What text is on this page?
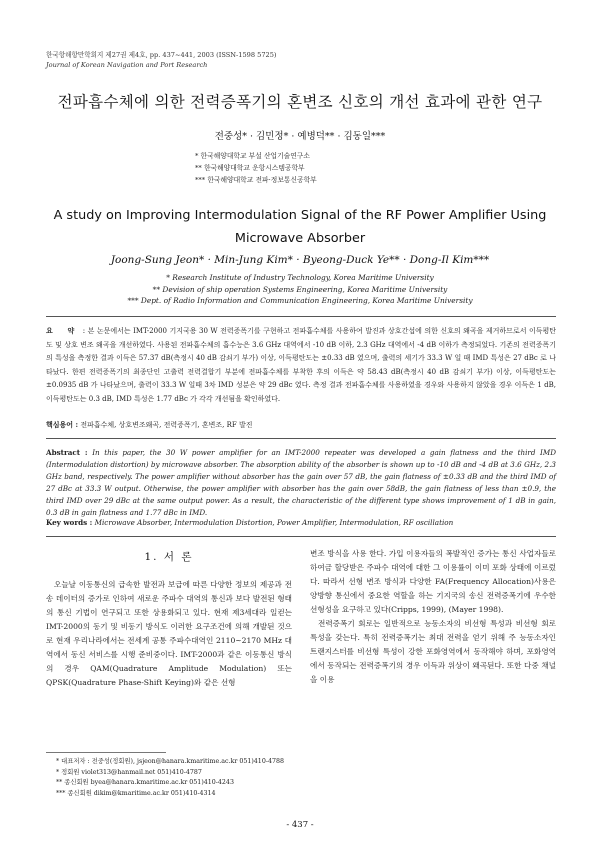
한국항해항만학회지 제27권 제4호, pp. 437~441, 2003 (ISSN-1598 5725)
Journal of Korean Navigation and Port Research
전파흡수체에 의한 전력증폭기의 혼변조 신호의 개선 효과에 관한 연구
전중성* · 김민정* · 예병덕** · 김동일***
* 한국해양대학교 부설 산업기술연구소
** 한국해양대학교 운항시스템공학부
*** 한국해양대학교 전파·정보통신공학부
A study on Improving Intermodulation Signal of the RF Power Amplifier Using Microwave Absorber
Joong-Sung Jeon* · Min-Jung Kim* · Byeong-Duck Ye** · Dong-Il Kim***
* Research Institute of Industry Technology, Korea Maritime University
** Devision of ship operation Systems Engineering, Korea Maritime University
*** Dept. of Radio Information and Communication Engineering, Korea Maritime University
요 약 : 본 논문에서는 IMT-2000 기지국용 30 W 전력증폭기를 구현하고 전파흡수체를 사용하여 발진과 상호간섭에 의한 신호의 왜곡을 제거하므로서 이득평탄도 및 상호 변조 왜곡을 개선하였다. 사용된 전파흡수체의 흡수능은 3.6 GHz 대역에서 -10 dB 이하, 2.3 GHz 대역에서 -4 dB 이하가 측정되었다. 기존의 전력증폭기의 특성을 측정한 결과 이득은 57.37 dB(측정시 40 dB 감쇠기 부가) 이상, 이득평탄도는 ±0.33 dB 였으며, 출력의 세기가 33.3 W 일 때 IMD 특성은 27 dBc 로 나타났다. 한편 전력증폭기의 최종단인 고출력 전력결합기 부분에 전파흡수체를 부착한 후의 이득은 약 58.43 dB(측정시 40 dB 감쇠기 부가) 이상, 이득평탄도는 ±0.0935 dB 가 나타났으며, 출력이 33.3 W 일때 3차 IMD 성분은 약 29 dBc 였다. 측정 결과 전파흡수체를 사용하였을 경우와 사용하지 않았을 경우 이득은 1 dB, 이득평탄도는 0.3 dB, IMD 특성은 1.77 dBc 가 각각 개선됨을 확인하였다.
핵심용어 : 전파흡수체, 상호변조왜곡, 전력증폭기, 혼변조, RF 발진
Abstract : In this paper, the 30 W power amplifier for an IMT-2000 repeater was developed a gain flatness and the third IMD (Intermodulation distortion) by microwave absorber. The absorption ability of the absorber is shown up to -10 dB and -4 dB at 3.6 GHz, 2.3 GHz band, respectively. The power amplifier without absorber has the gain over 57 dB, the gain flatness of ±0.33 dB and the third IMD of 27 dBc at 33.3 W output. Otherwise, the power amplifier with absorber has the gain over 58dB, the gain flatness of less than ±0.9, the third IMD over 29 dBc at the same output power. As a result, the characteristic of the different type shows improvement of 1 dB in gain, 0.3 dB in gain flatness and 1.77 dBc in IMD.
Key words : Microwave Absorber, Intermodulation Distortion, Power Amplifier, Intermodulation, RF oscillation
1. 서 론
오늘날 이동통신의 급속한 발전과 보급에 따른 다양한 정보의 제공과 전송 데이터의 증가로 인하여 새로운 주파수 대역의 통신과 보다 발전된 형태의 통신 기법이 연구되고 또한 상용화되고 있다. 현재 제3세대라 일컫는 IMT-2000의 동기 및 비동기 방식도 이러한 요구조건에 의해 개발된 것으로 현재 우리나라에서는 전세계 공통 주파수대역인 2110~2170 MHz 대역에서 동신 서비스를 시행 준비중이다. IMT-2000과 같은 이동통신 방식의 경우 QAM(Quadrature Amplitude Modulation) 또는 QPSK(Quadrature Phase-Shift Keying)와 같은 선형

변조 방식을 사용 한다. 가입 이용자들의 폭발적인 증가는 통신 사업자들로 하여금 할당받은 주파수 대역에 대한 그 이용률이 이미 포화 상태에 이르렀다. 따라서 선형 변조 방식과 다양한 FA(Frequency Allocation)사용은 양방향 통신에서 중요한 역할을 하는 기지국의 송신 전력증폭기에 우수한 선형성을 요구하고 있다(Cripps, 1999), (Mayer 1998).

전력증폭기 회로는 일반적으로 능동소자의 비선형 특성과 비선형 회로 특성을 갖는다. 특히 전력증폭기는 최대 전력을 얻기 위해 주 능동소자인 트랜지스터를 비선형 특성이 강한 포화영역에서 동작해야 하며, 포화영역에서 동작되는 전력증폭기의 경우 이득과 위상이 왜곡된다. 또한 다중 채널을 이용

* 대표저자 : 전중성(정회원), jsjeon@hanara.kmaritime.ac.kr 051)410-4788
* 정회원 violet313@hanmail.net 051)410-4787
** 종신회원 byea@hanara.kmaritime.ac.kr 051)410-4243
*** 종신회원 dikim@kmaritime.ac.kr 051)410-4314
- 437 -
